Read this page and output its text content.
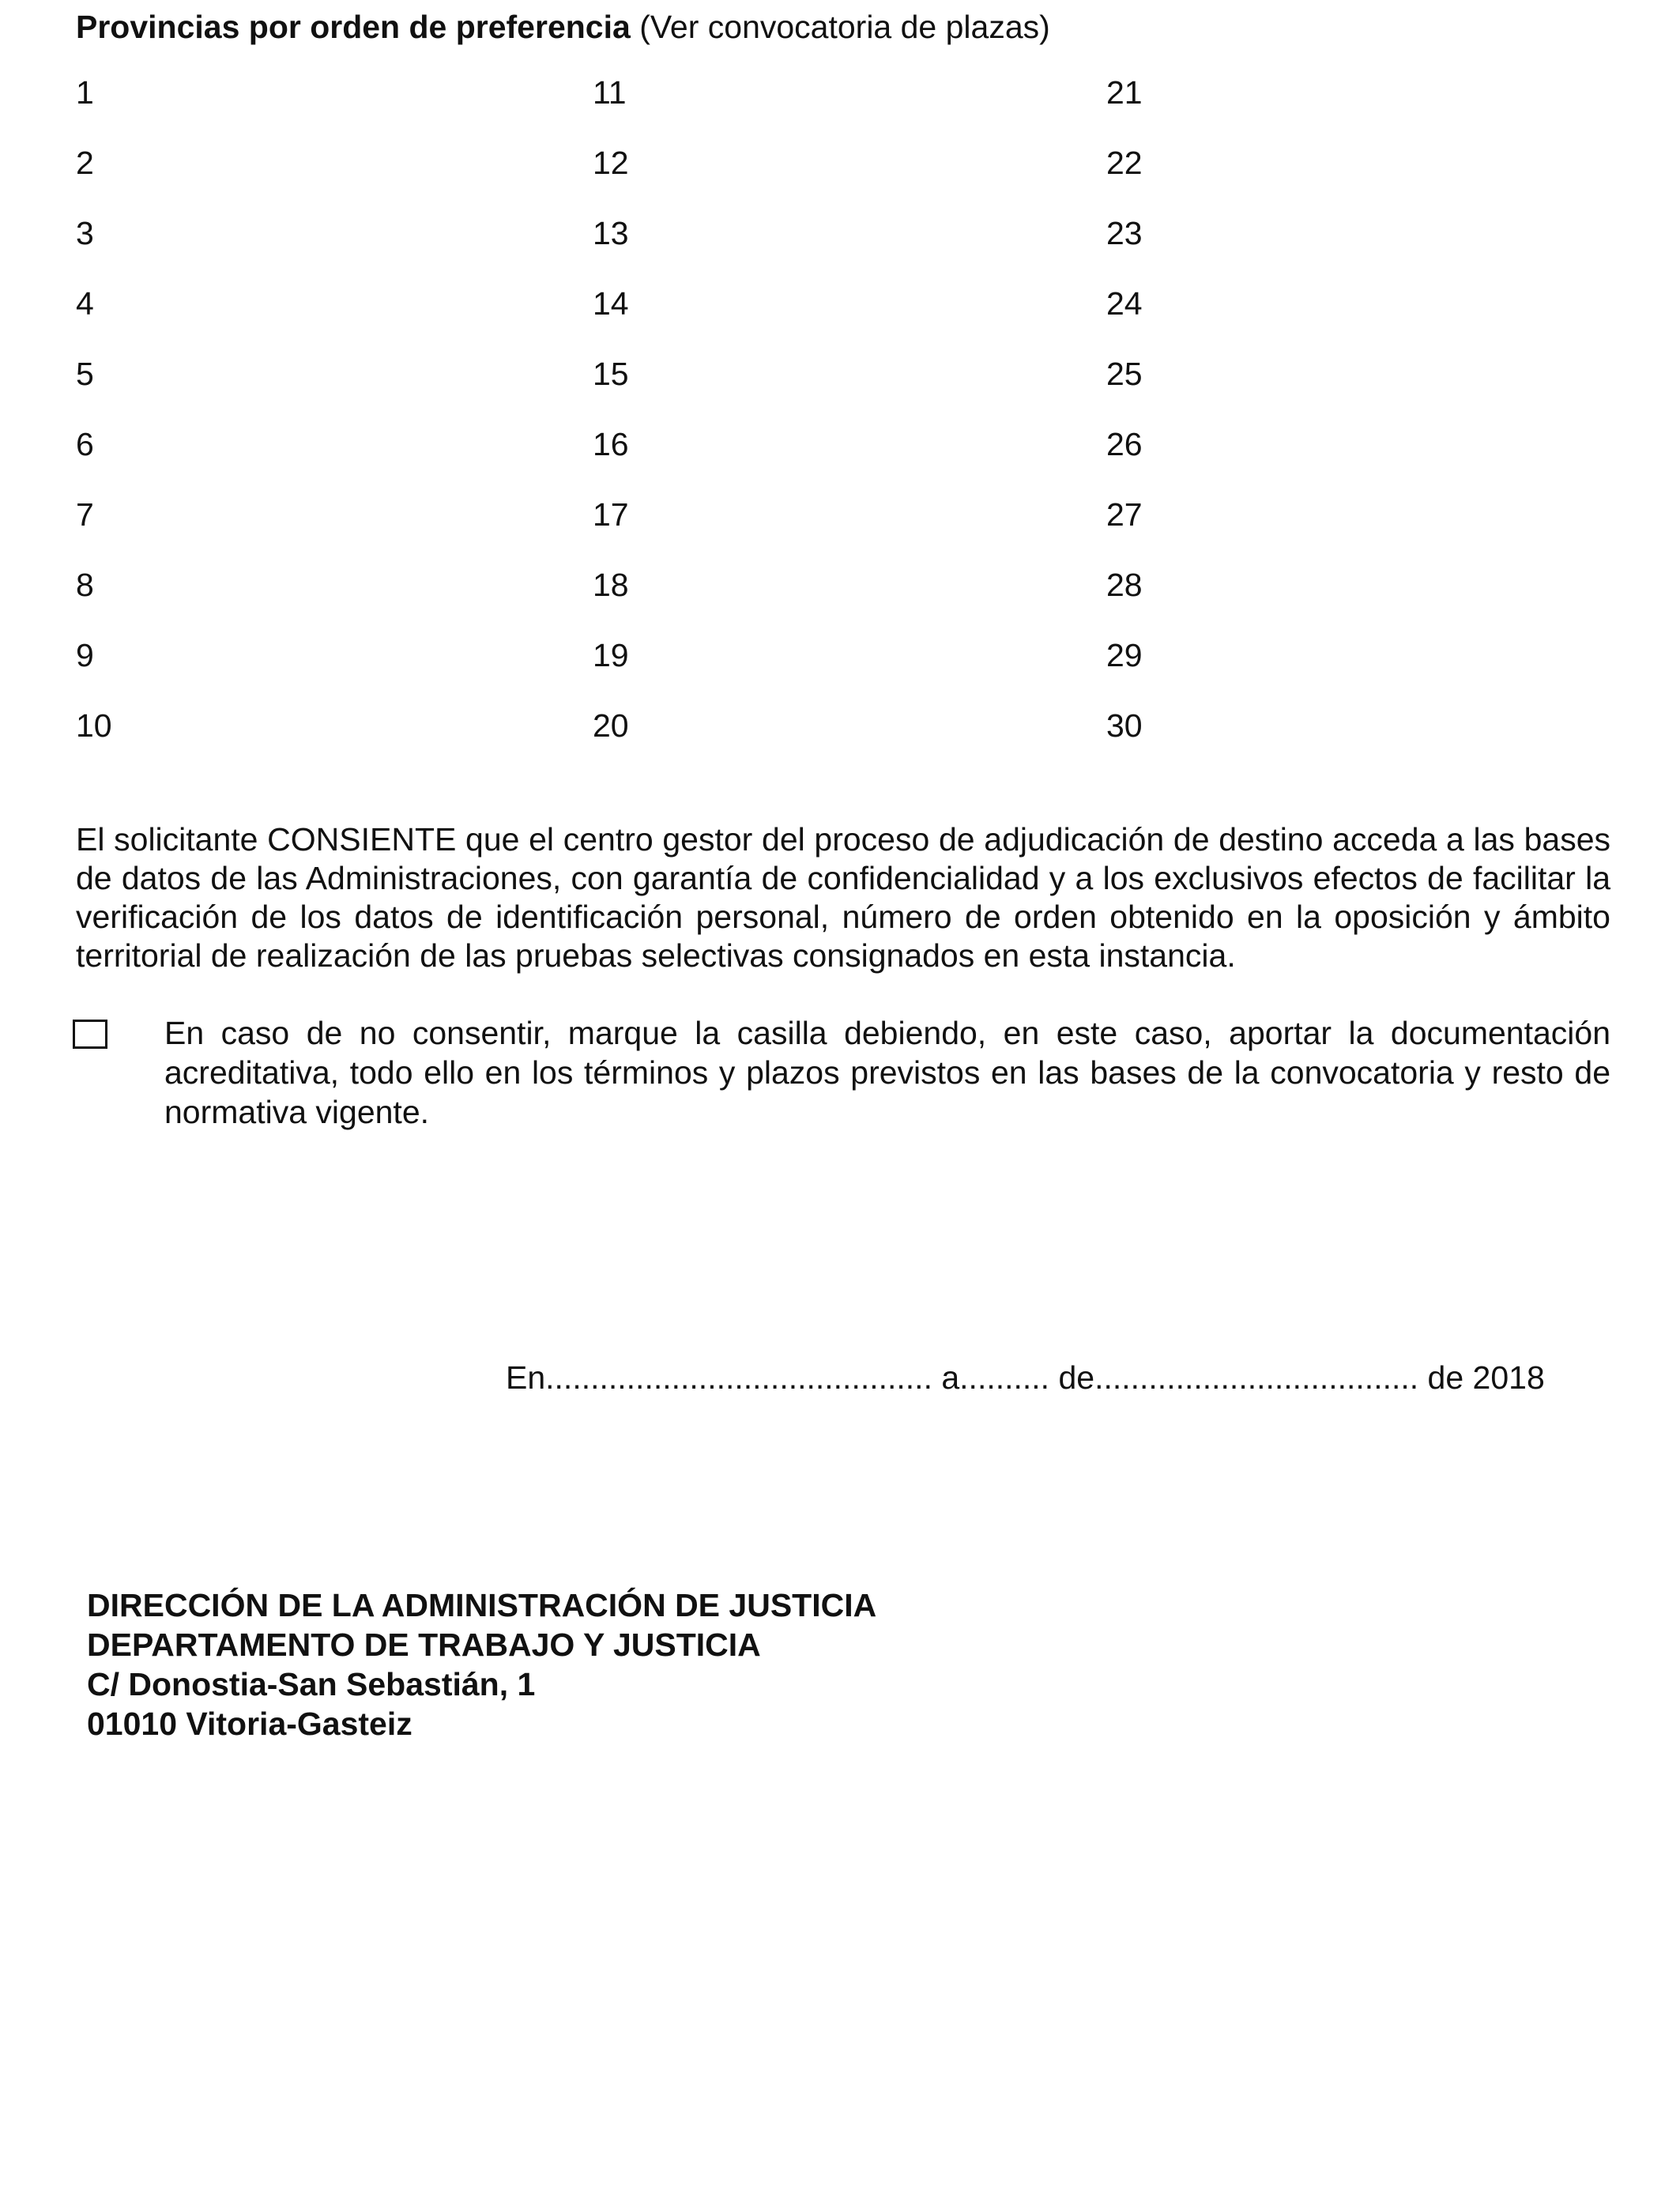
Provincias por orden de preferencia (Ver convocatoria de plazas)
1
2
3
4
5
6
7
8
9
10
11
12
13
14
15
16
17
18
19
20
21
22
23
24
25
26
27
28
29
30
El solicitante CONSIENTE que el centro gestor del proceso de adjudicación de destino acceda a las bases de datos de las Administraciones, con garantía de confidencialidad y a los exclusivos efectos de facilitar la verificación de los datos de identificación personal, número de orden obtenido en la oposición y ámbito territorial de realización de las pruebas selectivas consignados en esta instancia.
En caso de no consentir, marque la casilla debiendo, en este caso, aportar la documentación acreditativa, todo ello en los términos y plazos previstos en las bases de la convocatoria y resto de normativa vigente.
En........................................... a.......... de.................................... de 2018
DIRECCIÓN DE LA ADMINISTRACIÓN DE JUSTICIA
DEPARTAMENTO DE TRABAJO Y JUSTICIA
C/ Donostia-San Sebastián, 1
01010 Vitoria-Gasteiz
